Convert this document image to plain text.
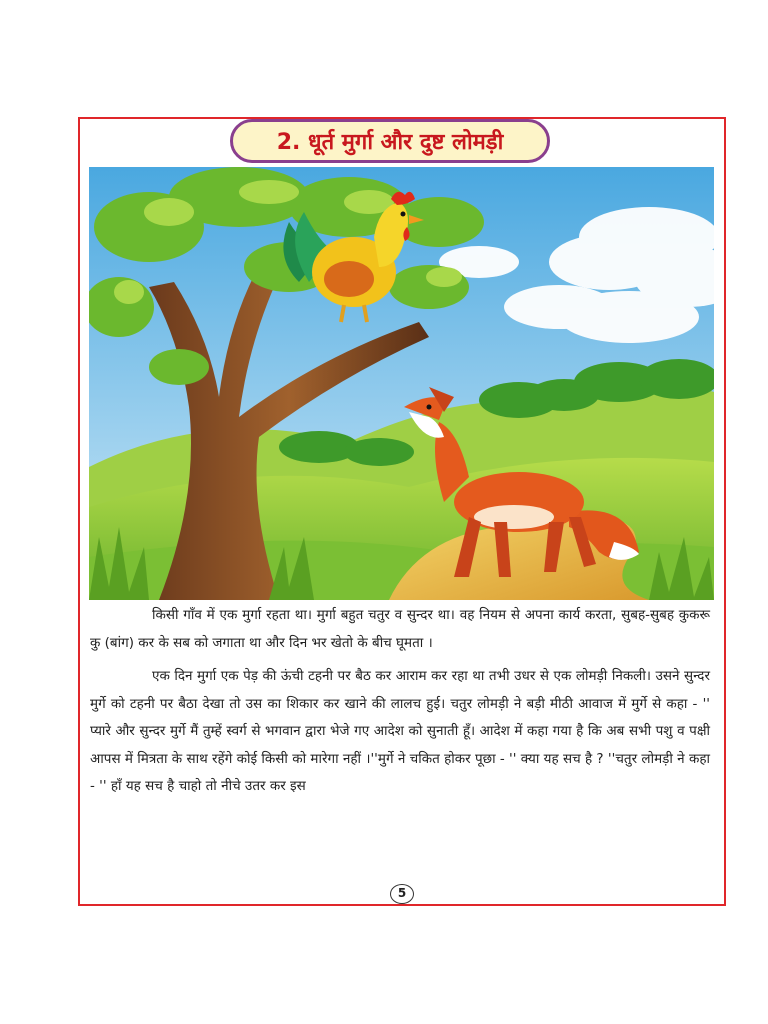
2. धूर्त मुर्गा और दुष्ट लोमड़ी

किसी गाँव में एक मुर्गा रहता था। मुर्गा बहुत चतुर व सुन्दर था। वह नियम से अपना कार्य करता, सुबह-सुबह कुकरू कु (बांग) कर के सब को जगाता था और दिन भर खेतो के बीच घूमता ।

एक दिन मुर्गा एक पेड़ की ऊंची टहनी पर बैठ कर आराम कर रहा था तभी उधर से एक लोमड़ी निकली। उसने सुन्दर मुर्गे को टहनी पर बैठा देखा तो उस का शिकार कर खाने की लालच हुई। चतुर लोमड़ी ने बड़ी मीठी आवाज में मुर्गे से कहा - '' प्यारे और सुन्दर मुर्गे मैं तुम्हें स्वर्ग से भगवान द्वारा भेजे गए आदेश को सुनाती हूँ। आदेश में कहा गया है कि अब सभी पशु व पक्षी आपस में मित्रता के साथ रहेंगे कोई किसी को मारेगा नहीं ।''मुर्गे ने चकित होकर पूछा - '' क्या यह सच है ? ''चतुर लोमड़ी ने कहा - '' हाँ यह सच है चाहो तो नीचे उतर कर इस

5
